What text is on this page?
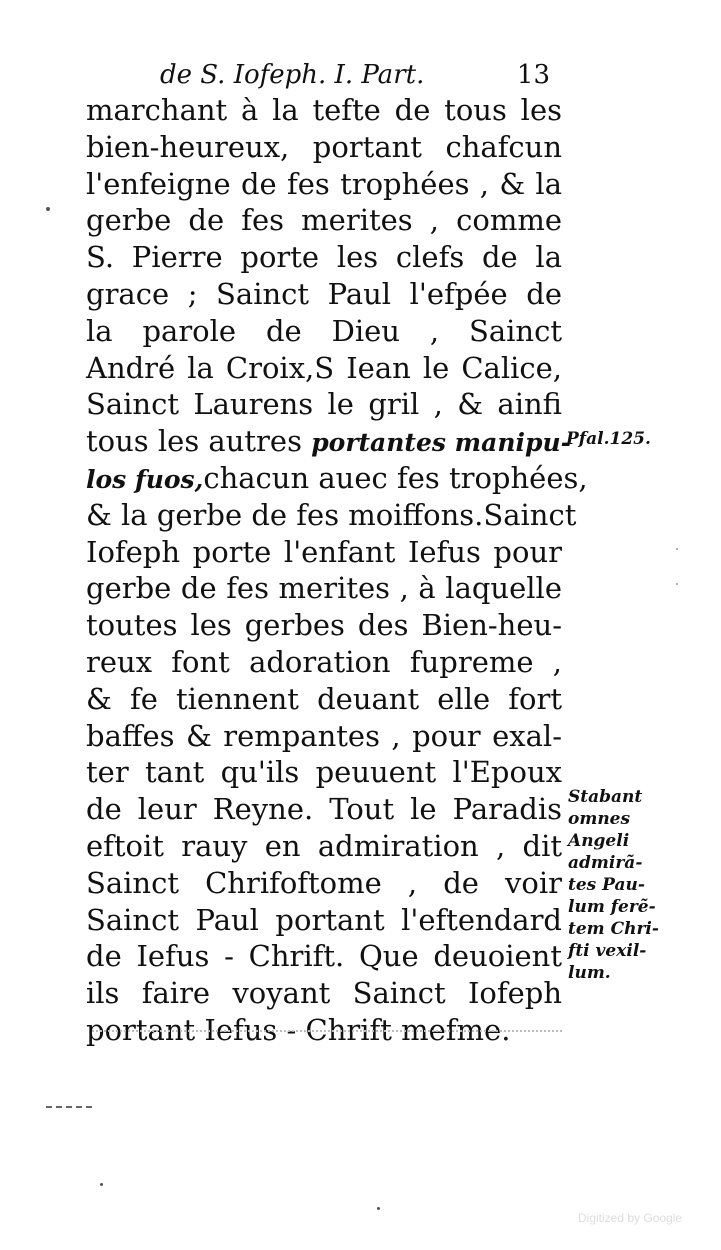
de S. Iofeph. I. Part.	13
marchant à la tefte de tous les
bien-heureux, portant chafcun
l'enfeigne de fes trophées , & la
gerbe de fes merites , comme
S. Pierre porte les clefs de la
grace ; Sainct Paul l'efpée de
la parole de Dieu , Sainct
André la Croix,S Iean le Calice,
Sainct Laurens le gril , & ainfi
tous les autres portantes manipu-
los fuos,chacun auec fes trophées,
& la gerbe de fes moiffons.Sainct
Iofeph porte l'enfant Iefus pour
gerbe de fes merites , à laquelle
toutes les gerbes des Bien-heu-
reux font adoration fupreme ,
& fe tiennent deuant elle fort
baffes & rempantes , pour exal-
ter tant qu'ils peuuent l'Epoux
de leur Reyne. Tout le Paradis
eftoit rauy en admiration , dit
Sainct Chrifoftome , de voir
Sainct Paul portant l'eftendard
de Iefus - Chrift. Que deuoient
ils faire voyant Sainct Iofeph
portant Iefus - Chrift mefme.
Pfal.125.
Stabant
omnes
Angeli
admirã-
tes Pau-
lum ferẽ-
tem Chri-
fti vexil-
lum.
Digitized by Google
